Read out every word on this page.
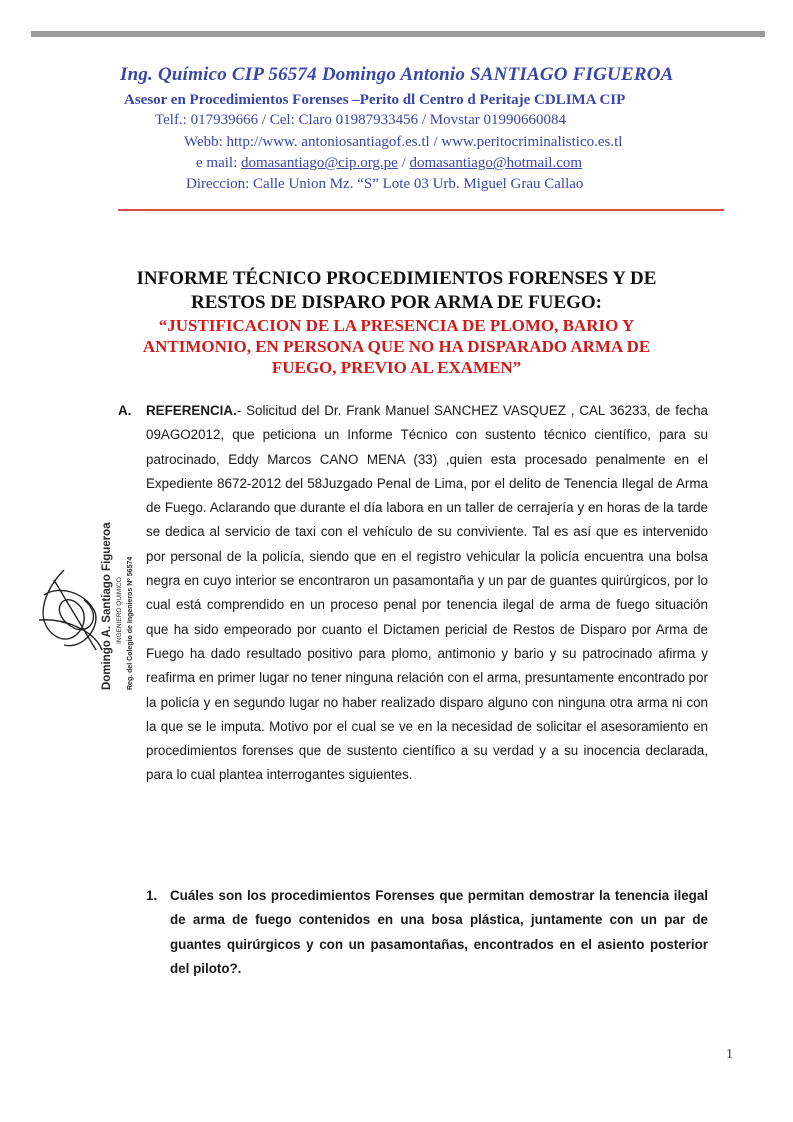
Ing. Químico CIP 56574 Domingo Antonio SANTIAGO FIGUEROA
Asesor en Procedimientos Forenses –Perito dl Centro d Peritaje CDLIMA CIP
Telf.: 017939666 / Cel: Claro 01987933456 / Movstar 01990660084
Webb: http://www. antoniosantiagof.es.tl / www.peritocriminalistico.es.tl
e mail: domasantiago@cip.org.pe / domasantiago@hotmail.com
Direccion: Calle Union Mz. “S” Lote 03 Urb. Miguel Grau Callao
INFORME TÉCNICO PROCEDIMIENTOS FORENSES Y DE
RESTOS DE DISPARO POR ARMA DE FUEGO:
“JUSTIFICACION DE LA PRESENCIA DE PLOMO, BARIO Y
ANTIMONIO, EN PERSONA QUE NO HA DISPARADO ARMA DE
FUEGO, PREVIO AL EXAMEN”
A. REFERENCIA.- Solicitud del Dr. Frank Manuel SANCHEZ VASQUEZ , CAL 36233, de fecha 09AGO2012, que peticiona un Informe Técnico con sustento técnico científico, para su patrocinado, Eddy Marcos CANO MENA (33) ,quien esta procesado penalmente en el Expediente 8672-2012 del 58Juzgado Penal de Lima, por el delito de Tenencia Ilegal de Arma de Fuego. Aclarando que durante el día labora en un taller de cerrajería y en horas de la tarde se dedica al servicio de taxi con el vehículo de su conviviente. Tal es así que es intervenido por personal de la policía, siendo que en el registro vehicular la policía encuentra una bolsa negra en cuyo interior se encontraron un pasamontaña y un par de guantes quirúrgicos, por lo cual está comprendido en un proceso penal por tenencia ilegal de arma de fuego situación que ha sido empeorado por cuanto el Dictamen pericial de Restos de Disparo por Arma de Fuego ha dado resultado positivo para plomo, antimonio y bario y su patrocinado afirma y reafirma en primer lugar no tener ninguna relación con el arma, presuntamente encontrado por la policía y en segundo lugar no haber realizado disparo alguno con ninguna otra arma ni con la que se le imputa. Motivo por el cual se ve en la necesidad de solicitar el asesoramiento en procedimientos forenses que de sustento científico a su verdad y a su inocencia declarada, para lo cual plantea interrogantes siguientes.
1. Cuáles son los procedimientos Forenses que permitan demostrar la tenencia ilegal de arma de fuego contenidos en una bosa plástica, juntamente con un par de guantes quirúrgicos y con un pasamontañas, encontrados en el asiento posterior del piloto?.
Domingo A. Santiago Figueroa INGENIERO QUIMICO Reg. del Colegio de Ingenieros Nº 56574
1
